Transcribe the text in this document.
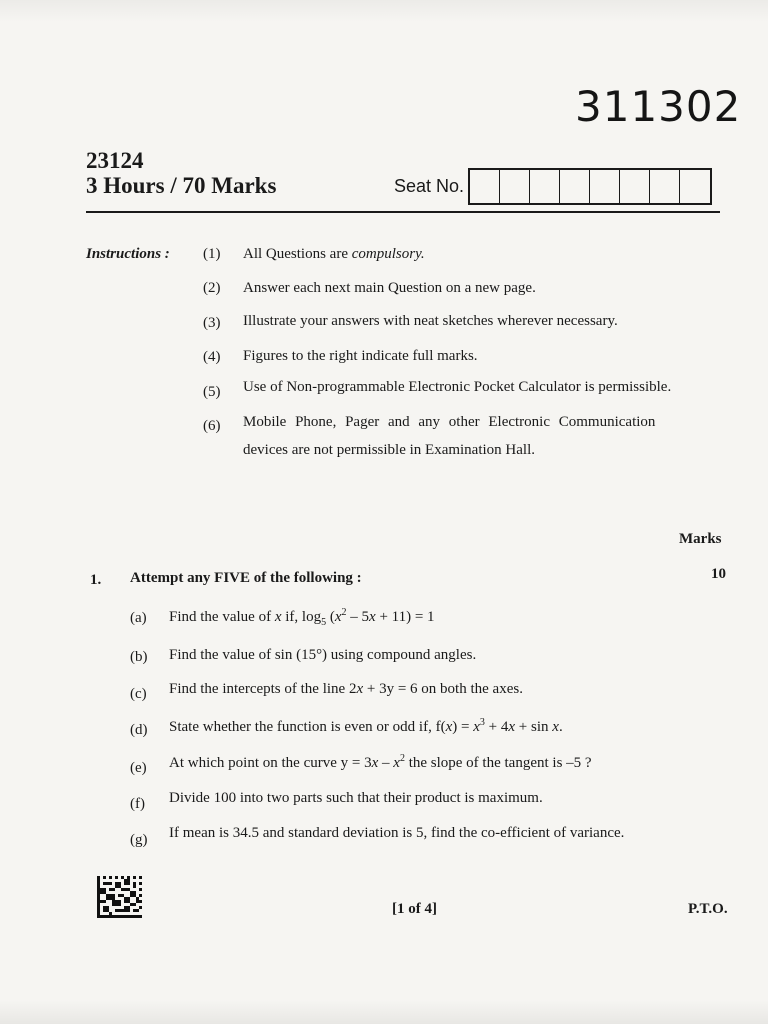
311302
23124
3 Hours / 70 Marks	Seat No.
Instructions : (1) All Questions are compulsory.
(2) Answer each next main Question on a new page.
(3) Illustrate your answers with neat sketches wherever necessary.
(4) Figures to the right indicate full marks.
(5) Use of Non-programmable Electronic Pocket Calculator is permissible.
(6) Mobile Phone, Pager and any other Electronic Communication
devices are not permissible in Examination Hall.
Marks
1. Attempt any FIVE of the following :	10
(a) Find the value of x if, $\log_5 (x^2 - 5x + 11) = 1$
(b) Find the value of sin (15°) using compound angles.
(c) Find the intercepts of the line 2x + 3y = 6 on both the axes.
(d) State whether the function is even or odd if, $f(x) = x^3 + 4x + \sin x$.
(e) At which point on the curve $y = 3x - x^2$ the slope of the tangent is –5 ?
(f) Divide 100 into two parts such that their product is maximum.
(g) If mean is 34.5 and standard deviation is 5, find the co-efficient of variance.
[1 of 4]	P.T.O.
